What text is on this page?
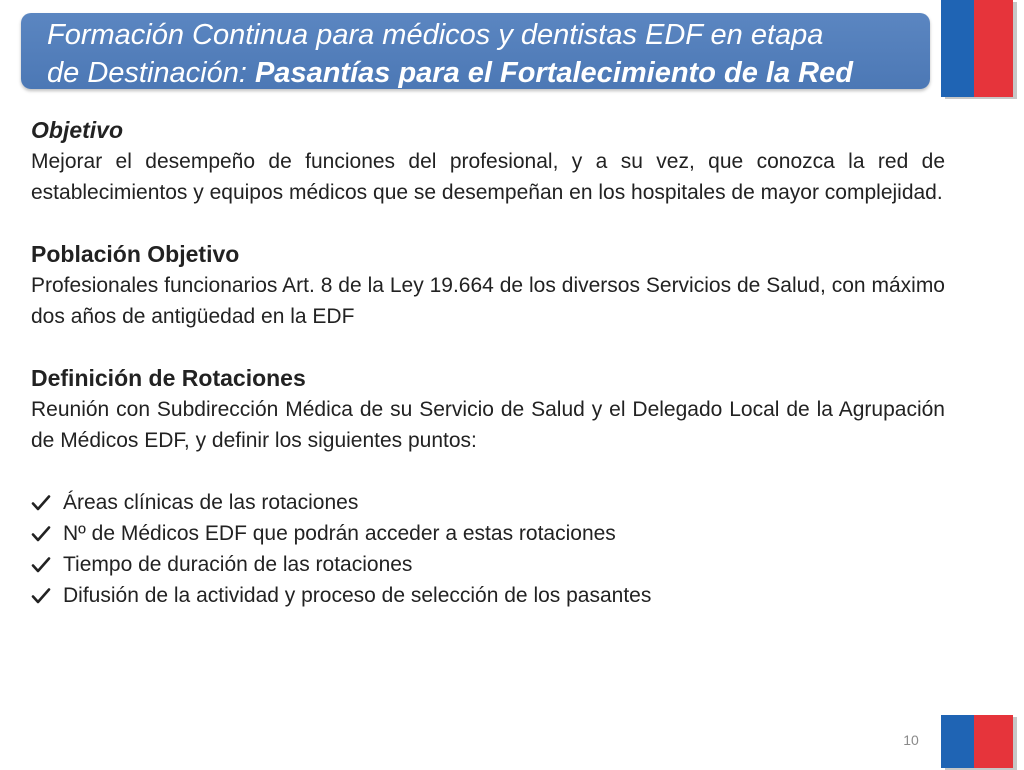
Formación Continua para médicos y dentistas EDF en etapa
de Destinación: Pasantías para el Fortalecimiento de la Red
Objetivo

Mejorar el desempeño de funciones del profesional, y a su vez, que conozca la red de establecimientos y equipos médicos que se desempeñan en los hospitales de mayor complejidad.

Población Objetivo

Profesionales funcionarios Art. 8 de la Ley 19.664 de los diversos Servicios de Salud, con máximo dos años de antigüedad en la EDF

Definición de Rotaciones

Reunión con Subdirección Médica de su Servicio de Salud y el Delegado Local de la Agrupación de Médicos EDF, y definir los siguientes puntos:

Áreas clínicas de las rotaciones
Nº de Médicos EDF que podrán acceder a estas rotaciones
Tiempo de duración de las rotaciones
Difusión de la actividad y proceso de selección de los pasantes
10
